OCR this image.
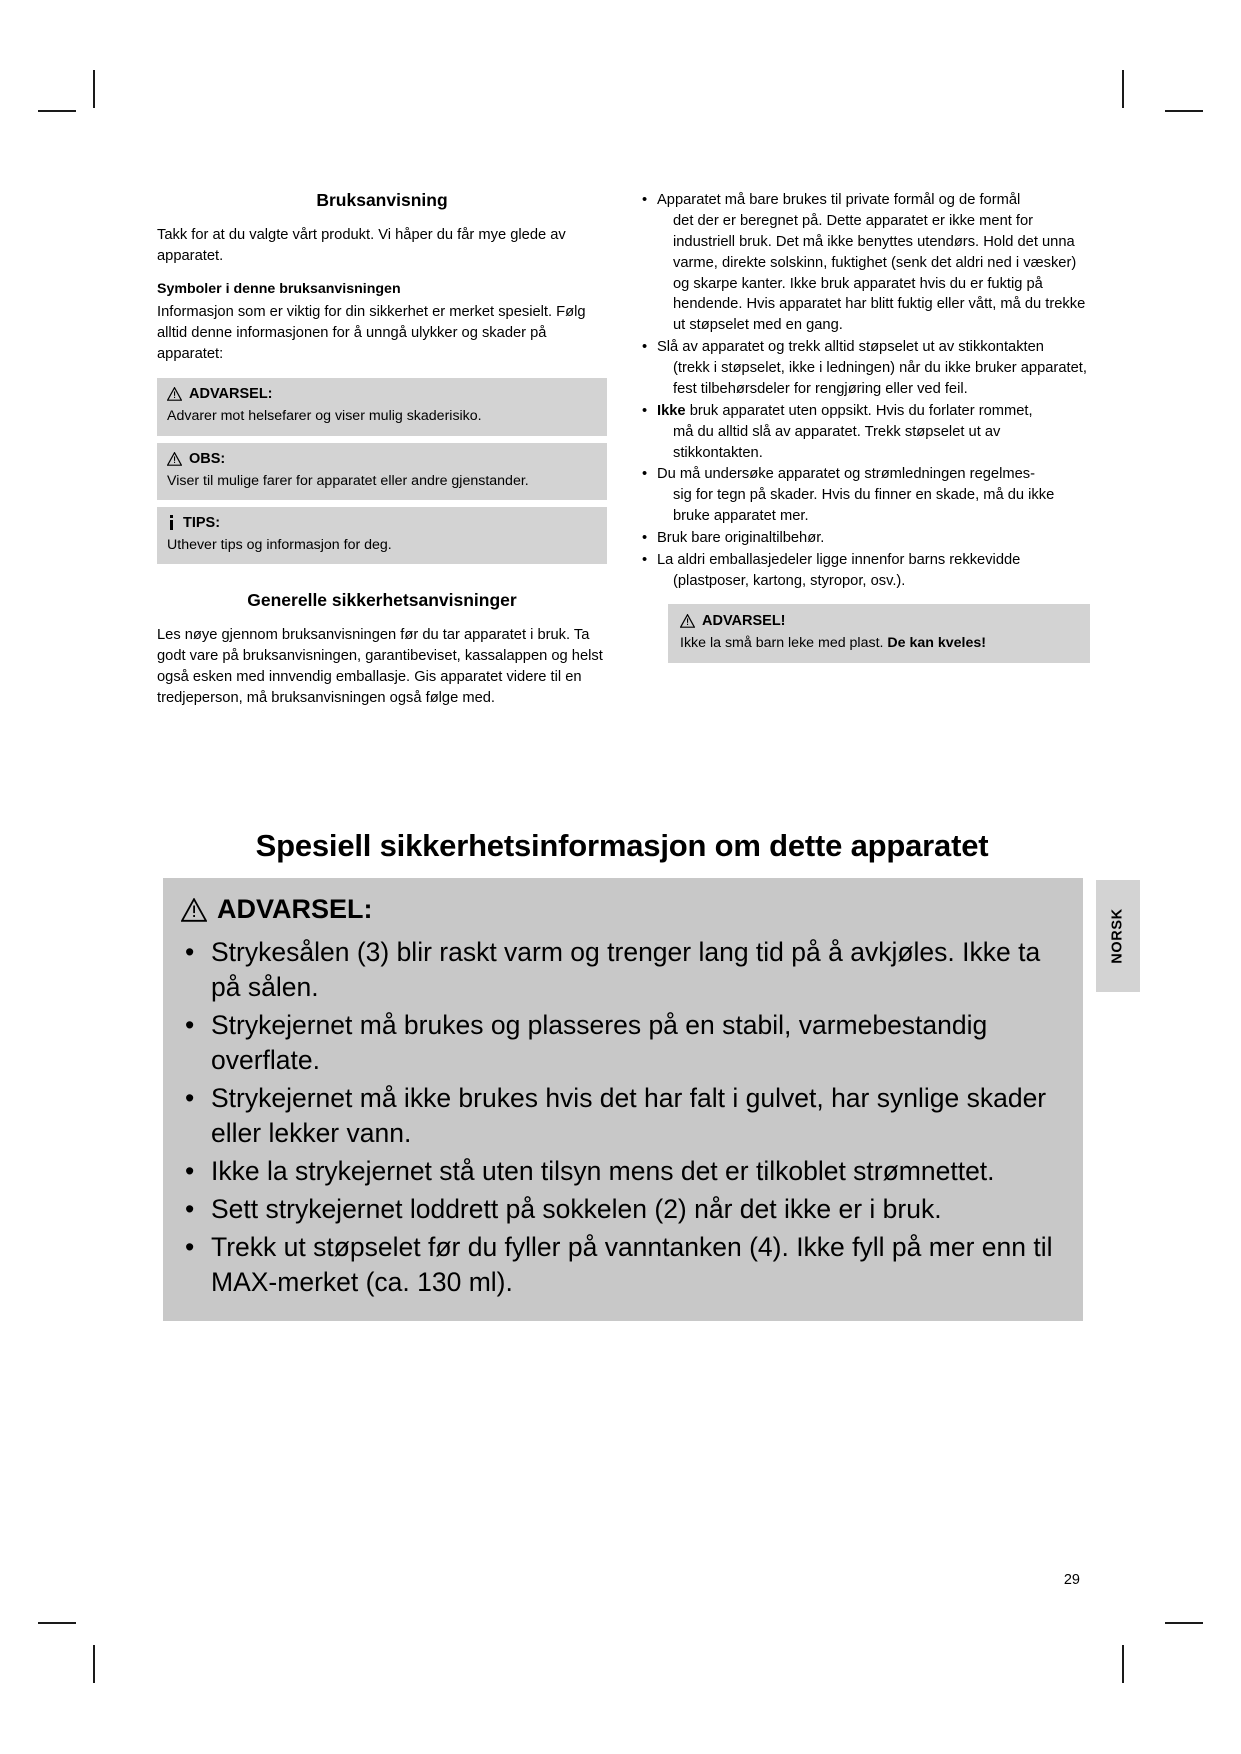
Bruksanvisning

Takk for at du valgte vårt produkt. Vi håper du får mye glede av apparatet.

Symboler i denne bruksanvisningen

Informasjon som er viktig for din sikkerhet er merket spesielt. Følg alltid denne informasjonen for å unngå ulykker og skader på apparatet:

ADVARSEL:

Advarer mot helsefarer og viser mulig skaderisiko.

OBS:

Viser til mulige farer for apparatet eller andre gjenstander.

TIPS:

Uthever tips og informasjon for deg.

Generelle sikkerhetsanvisninger

Les nøye gjennom bruksanvisningen før du tar apparatet i bruk. Ta godt vare på bruksanvisningen, garantibeviset, kassalappen og helst også esken med innvendig emballasje. Gis apparatet videre til en tredjeperson, må bruksanvisningen også følge med.

• Apparatet må bare brukes til private formål og de formål
det der er beregnet på. Dette apparatet er ikke ment for industriell bruk. Det må ikke benyttes utendørs. Hold det unna varme, direkte solskinn, fuktighet (senk det aldri ned i væsker) og skarpe kanter. Ikke bruk apparatet hvis du er fuktig på hendende. Hvis apparatet har blitt fuktig eller vått, må du trekke ut støpselet med en gang.
• Slå av apparatet og trekk alltid støpselet ut av stikkontakten
(trekk i støpselet, ikke i ledningen) når du ikke bruker apparatet, fest tilbehørsdeler for rengjøring eller ved feil.
• Ikke bruk apparatet uten oppsikt. Hvis du forlater rommet,
må du alltid slå av apparatet. Trekk støpselet ut av stikkontakten.
• Du må undersøke apparatet og strømledningen regelmes-
sig for tegn på skader. Hvis du finner en skade, må du ikke bruke apparatet mer.
• Bruk bare originaltilbehør.
• La aldri emballasjedeler ligge innenfor barns rekkevidde
(plastposer, kartong, styropor, osv.).
ADVARSEL!

Ikke la små barn leke med plast. De kan kveles!

Spesiell sikkerhetsinformasjon om dette apparatet
ADVARSEL:
• Strykesålen (3) blir raskt varm og trenger lang tid på å avkjøles. Ikke ta på sålen.
• Strykejernet må brukes og plasseres på en stabil, varmebestandig overflate.
• Strykejernet må ikke brukes hvis det har falt i gulvet, har synlige skader eller lekker vann.
• Ikke la strykejernet stå uten tilsyn mens det er tilkoblet strømnettet.
• Sett strykejernet loddrett på sokkelen (2) når det ikke er i bruk.
• Trekk ut støpselet før du fyller på vanntanken (4). Ikke fyll på mer enn til MAX-merket (ca. 130 ml).
NORSK
29
